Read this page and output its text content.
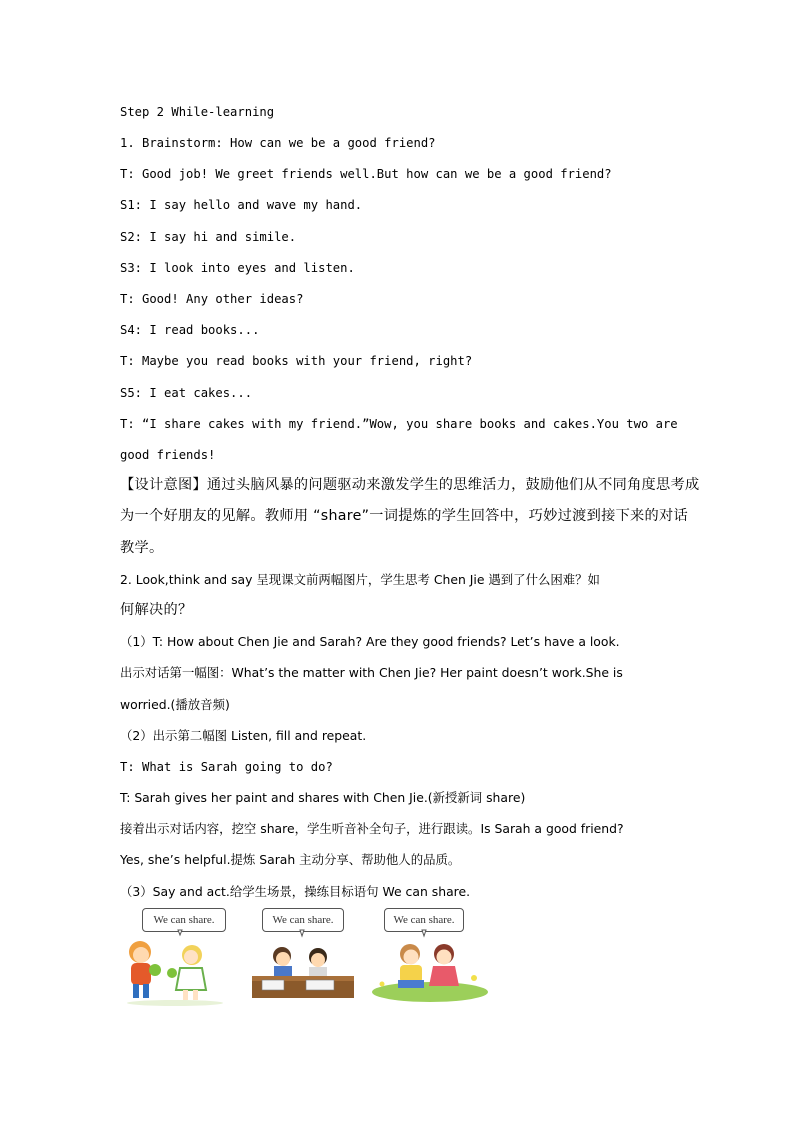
Step 2 While-learning
1. Brainstorm: How can we be a good friend?
T: Good job! We greet friends well.But how can we be a good friend?
S1: I say hello and wave my hand.
S2: I say hi and simile.
S3: I look into eyes and listen.
T: Good! Any other ideas?
S4: I read books...
T: Maybe you read books with your friend, right?
S5: I eat cakes...
T: “I share cakes with my friend.”Wow, you share books and cakes.You two are
good friends!
【设计意图】通过头脑风暴的问题驱动来激发学生的思维活力，鼓励他们从不同角度思考成
为一个好朋友的见解。教师用 “share”一词提炼的学生回答中，巧妙过渡到接下来的对话
教学。
2. Look,think and say 呈现课文前两幅图片，学生思考 Chen Jie 遇到了什么困难？如
何解决的？
（1）T: How about Chen Jie and Sarah? Are they good friends? Let’s have a look.
出示对话第一幅图：What’s the matter with Chen Jie? Her paint doesn’t work.She is
worried.(播放音频)
（2）出示第二幅图 Listen, fill and repeat.
T: What is Sarah going to do?
T: Sarah gives her paint and shares with Chen Jie.(新授新词 share)
接着出示对话内容，挖空 share，学生听音补全句子，进行跟读。Is Sarah a good friend?
Yes, she’s helpful.提炼 Sarah 主动分享、帮助他人的品质。
（3）Say and act.给学生场景，操练目标语句 We can share.
We can share.	We can share.	We can share.
